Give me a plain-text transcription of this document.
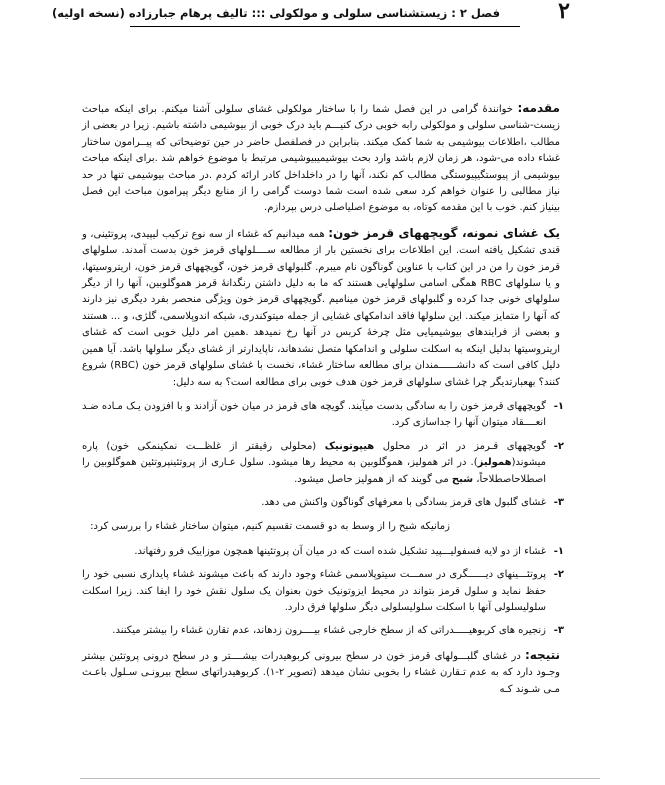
۲
فصل ۲ : زیستشناسی سلولی و مولکولی ::: تالیف پرهام جبارزاده (نسخه اولیه)

مقدمه: خوانندۀ گرامی در این فصل شما را با ساختار مولکولی غشای سلولی آشنا میکنم. برای اینکه مباحث زیست‑شناسی سلولی و مولکولی رابه خوبی درک کنیـــم باید درک خوبی از بیوشیمی داشته باشیم. زیرا در بعضی از مطالب ،اطلاعات بیوشیمی به شما کمک میکند. بنابراین در فصلفصل حاضر در حین توضیحاتی که پیــرامون ساختار غشاء داده می‑شود، هر زمان لازم باشد وارد بحث بیوشیمیبیوشیمی مرتبط با موضوع خواهم شد .برای اینکه مباحث بیوشیمی از پیوستگیپیوستگی مطالب کم نکند، آنها را در داخلداخل کادر ارائه کردم .در مباحث بیوشیمی تنها در حد نیاز مطالبی را عنوان خواهم کرد سعی شده است شما دوست گرامی را از منابع دیگر پیرامون مباحث این فصل بینیاز کنم. خوب با این مقدمه کوتاه، به موضوع اصلیاصلی درس بپردازم.

یک غشای نمونه، گویچههای قرمز خون: همه میدانیم که غشاء از سه نوع ترکیب لیپیدی، پروتئینی، و قندی تشکیل یافته است. این اطلاعات برای نخستین بار از مطالعه ســــلولهای قرمز خون بدست آمدند. سلولهای قرمز خون را من در این کتاب با عناوین گوناگون نام میبرم. گلبولهای قرمز خون، گویچههای قرمز خون، اریتروسیتها، و یا سلولهای RBC همگی اسامی سلولهایی هستند که ما به دلیل داشتن رنگدانۀ قرمز هموگلوبین، آنها را از دیگر سلولهای خونی جدا کرده و گلبولهای قرمز خون مینامیم .گویچههای قرمز خون ویژگی منحصر بفرد دیگری نیز دارند که آنها را متمایز میکند. این سلولها فاقد اندامکهای غشایی از جمله میتوکندری، شبکه اندوپلاسمی، گلژی، و ... هستند و بعضی از فرایندهای بیوشیمیایی مثل چرخۀ کربس در آنها رخ نمیدهد .همین امر دلیل خوبی است که غشای اریتروسیتها بدلیل اینکه به اسکلت سلولی و اندامکها متصل نشدهاند، ناپایدارتر از غشای دیگر سلولها باشد. آیا همین دلیل کافی است که دانشــــــمندان برای مطالعه ساختار غشاء، نخست با غشای سلولهای قرمز خون (RBC) شروع کنند؟ بهعبارتدیگر چرا غشای سلولهای قرمز خون هدف خوبی برای مطالعه است؟ به سه دلیل:

۱-
گویچههای قرمز خون را به سادگی بدست میآیند. گویچه های قرمز در میان خون آزادند و با افزودن یـک مـاده ضـد انعــــقاد میتوان آنها را جداسازی کرد.

۲-
گویچههای قـرمز در اثر در محلول هیپوتونیک (محلولی رقیقتر از غلظـــت نمکینمکی خون) پاره میشوند(همولیز). در اثر همولیز، هموگلوبین به محیط رها میشود. سلول عـاری از پروتئینپروتئین هموگلوبین را اصطلاحاصطلاحاً، شبح می گویند که از همولیز حاصل میشود.

۳-
غشای گلبول های قرمز بسادگی با معرفهای گوناگون واکنش می دهد.

زمانیکه شبح را از وسط به دو قسمت تقسیم کنیم، میتوان ساختار غشاء را بررسی کرد:

۱-
غشاء از دو لایه فسفولیـــپید تشکیل شده است که در میان آن پروتئینها همچون موزاییک فرو رفتهاند.

۲-
پروتئـــینهای دیــــــگری در سمـــت سیتوپلاسمی غشاء وجود دارند که باعث میشوند غشاء پایداری نسبی خود را حفظ نماید و سلول قرمز بتواند در محیط ایزوتونیک خون بعنوان یک سلول نقش خود را ایفا کند. زیرا اسکلت سلولیسلولی آنها با اسکلت سلولیسلولی دیگر سلولها فرق دارد.

۳-
زنجیره های کربوهیـــــدراتی که از سطح خارجی غشاء بیــــرون زدهاند، عدم تقارن غشاء را بیشتر میکنند.

نتیجه: در غشای گلبـــولهای قرمز خون در سطح بیرونی کربوهیدرات بیشــــتر و در سطح درونی پروتئین بیشتر وجـود دارد که به عدم تـقارن غشاء را بخوبی نشان میدهد (تصویر ۲-۱). کربوهیدراتهای سطح بیرونـی سـلول باعـث مـی شـوند کـه
